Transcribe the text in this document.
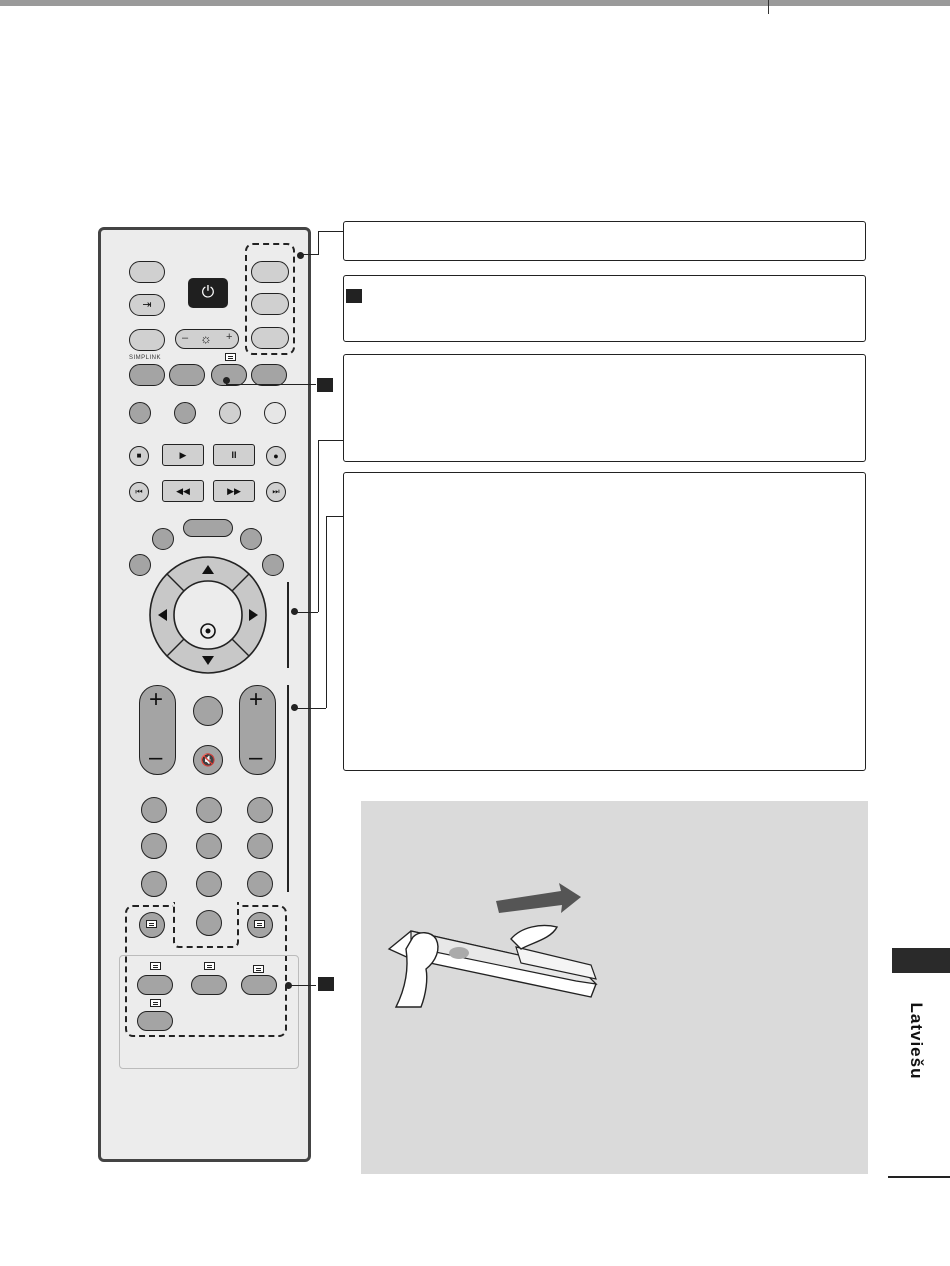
⏻
⇥
– ☼ +
SIMPLINK
■	▶	II	●
⏮	◀◀	▶▶	⏭
+
–	🔇
+
–
Latviešu
